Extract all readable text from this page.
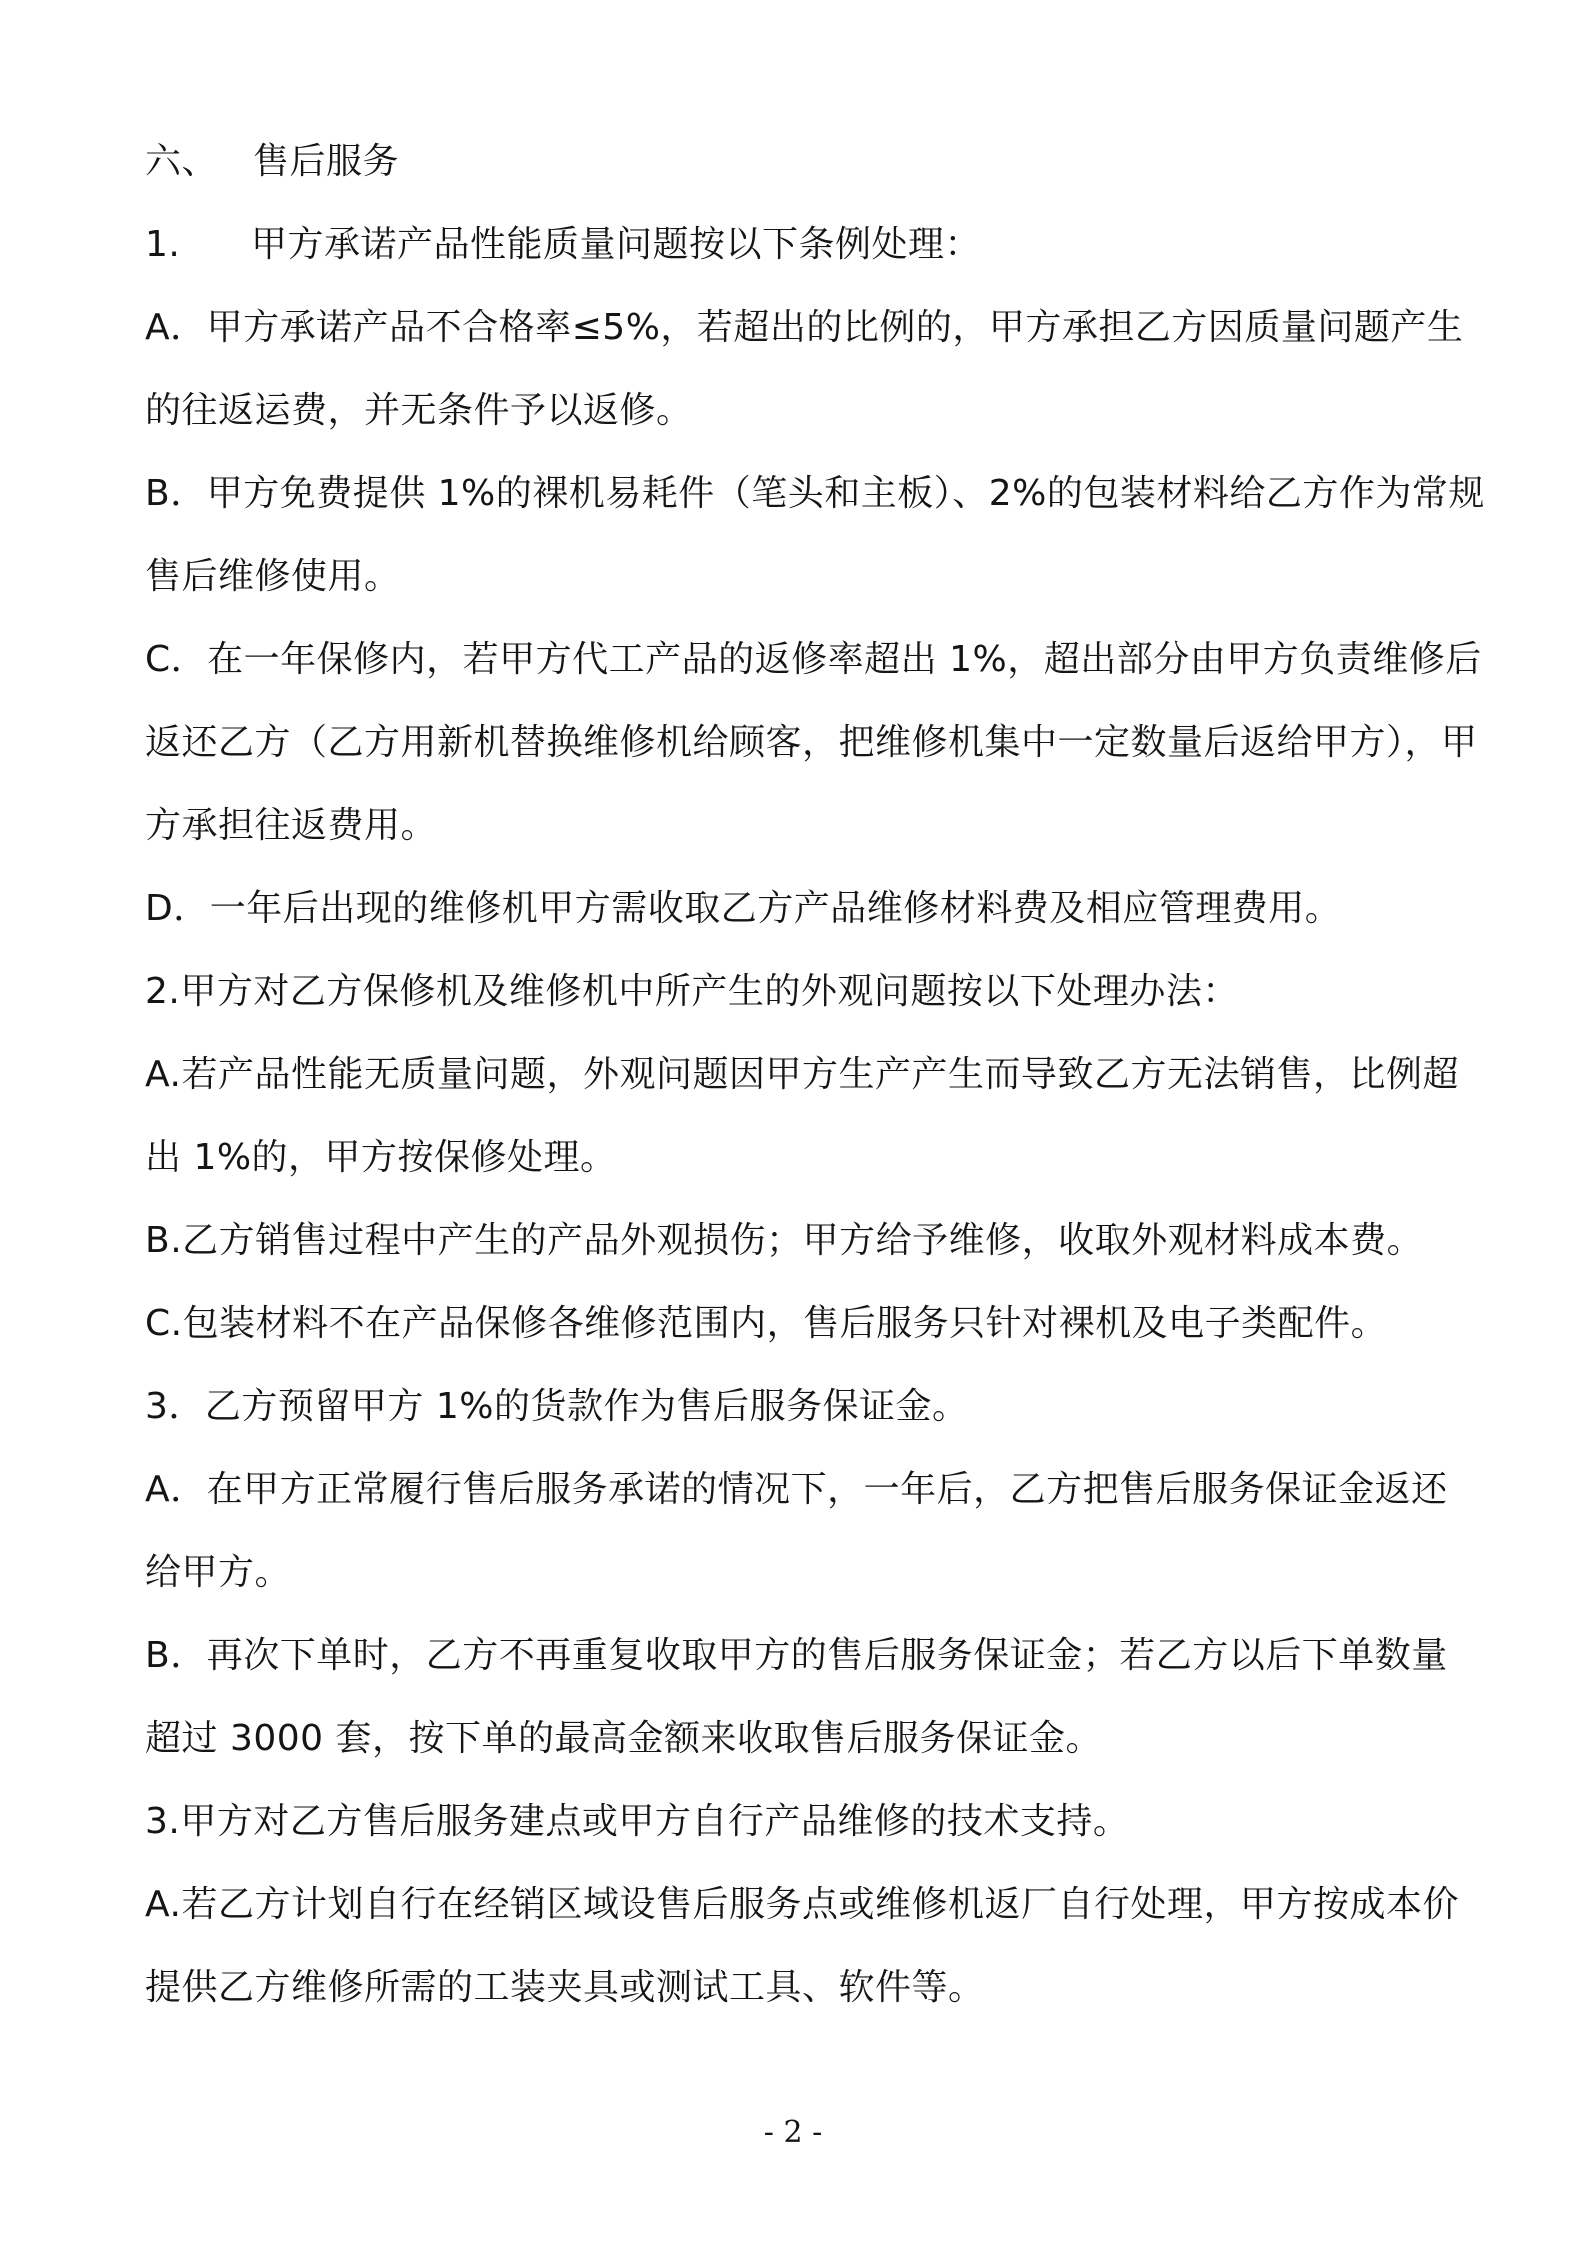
六、 售后服务

1. 甲方承诺产品性能质量问题按以下条例处理：

A．甲方承诺产品不合格率≤5%，若超出的比例的，甲方承担乙方因质量问题产生

的往返运费，并无条件予以返修。

B．甲方免费提供 1%的裸机易耗件（笔头和主板）、2%的包装材料给乙方作为常规

售后维修使用。

C．在一年保修内，若甲方代工产品的返修率超出 1%，超出部分由甲方负责维修后

返还乙方（乙方用新机替换维修机给顾客，把维修机集中一定数量后返给甲方），甲

方承担往返费用。

D．一年后出现的维修机甲方需收取乙方产品维修材料费及相应管理费用。

2.甲方对乙方保修机及维修机中所产生的外观问题按以下处理办法：

A.若产品性能无质量问题，外观问题因甲方生产产生而导致乙方无法销售，比例超

出 1%的，甲方按保修处理。

B.乙方销售过程中产生的产品外观损伤；甲方给予维修，收取外观材料成本费。

C.包装材料不在产品保修各维修范围内，售后服务只针对裸机及电子类配件。

3．乙方预留甲方 1%的货款作为售后服务保证金。

A．在甲方正常履行售后服务承诺的情况下，一年后，乙方把售后服务保证金返还

给甲方。

B．再次下单时，乙方不再重复收取甲方的售后服务保证金；若乙方以后下单数量

超过 3000 套，按下单的最高金额来收取售后服务保证金。

3.甲方对乙方售后服务建点或甲方自行产品维修的技术支持。

A.若乙方计划自行在经销区域设售后服务点或维修机返厂自行处理，甲方按成本价

提供乙方维修所需的工装夹具或测试工具、软件等。

- 2 -
